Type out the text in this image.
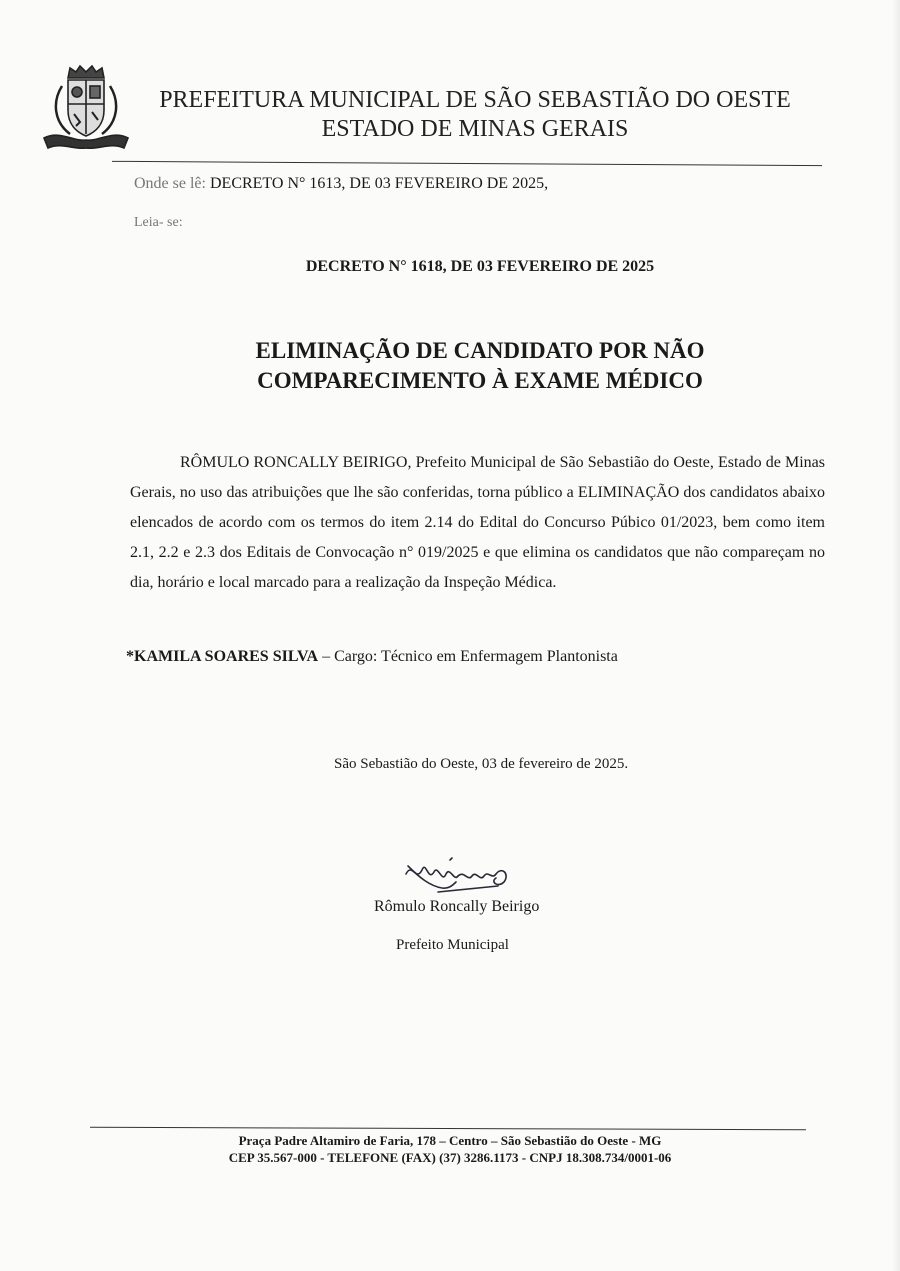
PREFEITURA MUNICIPAL DE SÃO SEBASTIÃO DO OESTE
ESTADO DE MINAS GERAIS
Onde se lê: DECRETO N° 1613, DE 03 FEVEREIRO DE 2025,
Leia- se:
DECRETO N° 1618, DE 03 FEVEREIRO DE 2025
ELIMINAÇÃO DE CANDIDATO POR NÃO
COMPARECIMENTO À EXAME MÉDICO

RÔMULO RONCALLY BEIRIGO, Prefeito Municipal de São Sebastião do Oeste, Estado de Minas Gerais, no uso das atribuições que lhe são conferidas, torna público a ELIMINAÇÃO dos candidatos abaixo elencados de acordo com os termos do item 2.14 do Edital do Concurso Púbico 01/2023, bem como item 2.1, 2.2 e 2.3 dos Editais de Convocação n° 019/2025 e que elimina os candidatos que não compareçam no dia, horário e local marcado para a realização da Inspeção Médica.

*KAMILA SOARES SILVA – Cargo: Técnico em Enfermagem Plantonista
São Sebastião do Oeste, 03 de fevereiro de 2025.
Rômulo Roncally Beirigo
Prefeito Municipal
Praça Padre Altamiro de Faria, 178 – Centro – São Sebastião do Oeste - MG
CEP 35.567-000 - TELEFONE (FAX) (37) 3286.1173 - CNPJ 18.308.734/0001-06
